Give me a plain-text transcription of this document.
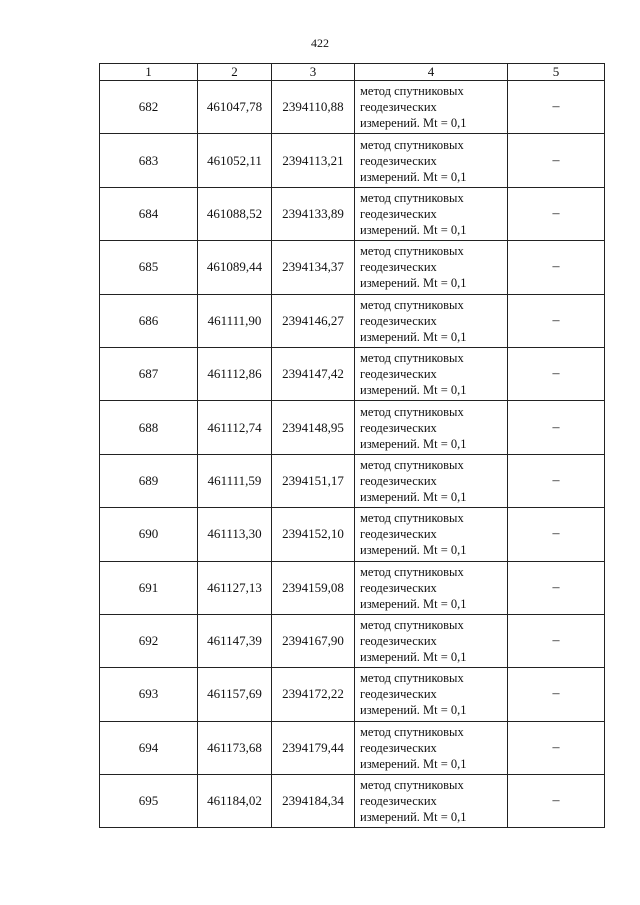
422
1	2	3	4	5
682	461047,78	2394110,88	метод спутниковых
геодезических
измерений. Mt = 0,1	–
683	461052,11	2394113,21	метод спутниковых
геодезических
измерений. Mt = 0,1	–
684	461088,52	2394133,89	метод спутниковых
геодезических
измерений. Mt = 0,1	–
685	461089,44	2394134,37	метод спутниковых
геодезических
измерений. Mt = 0,1	–
686	461111,90	2394146,27	метод спутниковых
геодезических
измерений. Mt = 0,1	–
687	461112,86	2394147,42	метод спутниковых
геодезических
измерений. Mt = 0,1	–
688	461112,74	2394148,95	метод спутниковых
геодезических
измерений. Mt = 0,1	–
689	461111,59	2394151,17	метод спутниковых
геодезических
измерений. Mt = 0,1	–
690	461113,30	2394152,10	метод спутниковых
геодезических
измерений. Mt = 0,1	–
691	461127,13	2394159,08	метод спутниковых
геодезических
измерений. Mt = 0,1	–
692	461147,39	2394167,90	метод спутниковых
геодезических
измерений. Mt = 0,1	–
693	461157,69	2394172,22	метод спутниковых
геодезических
измерений. Mt = 0,1	–
694	461173,68	2394179,44	метод спутниковых
геодезических
измерений. Mt = 0,1	–
695	461184,02	2394184,34	метод спутниковых
геодезических
измерений. Mt = 0,1	–
